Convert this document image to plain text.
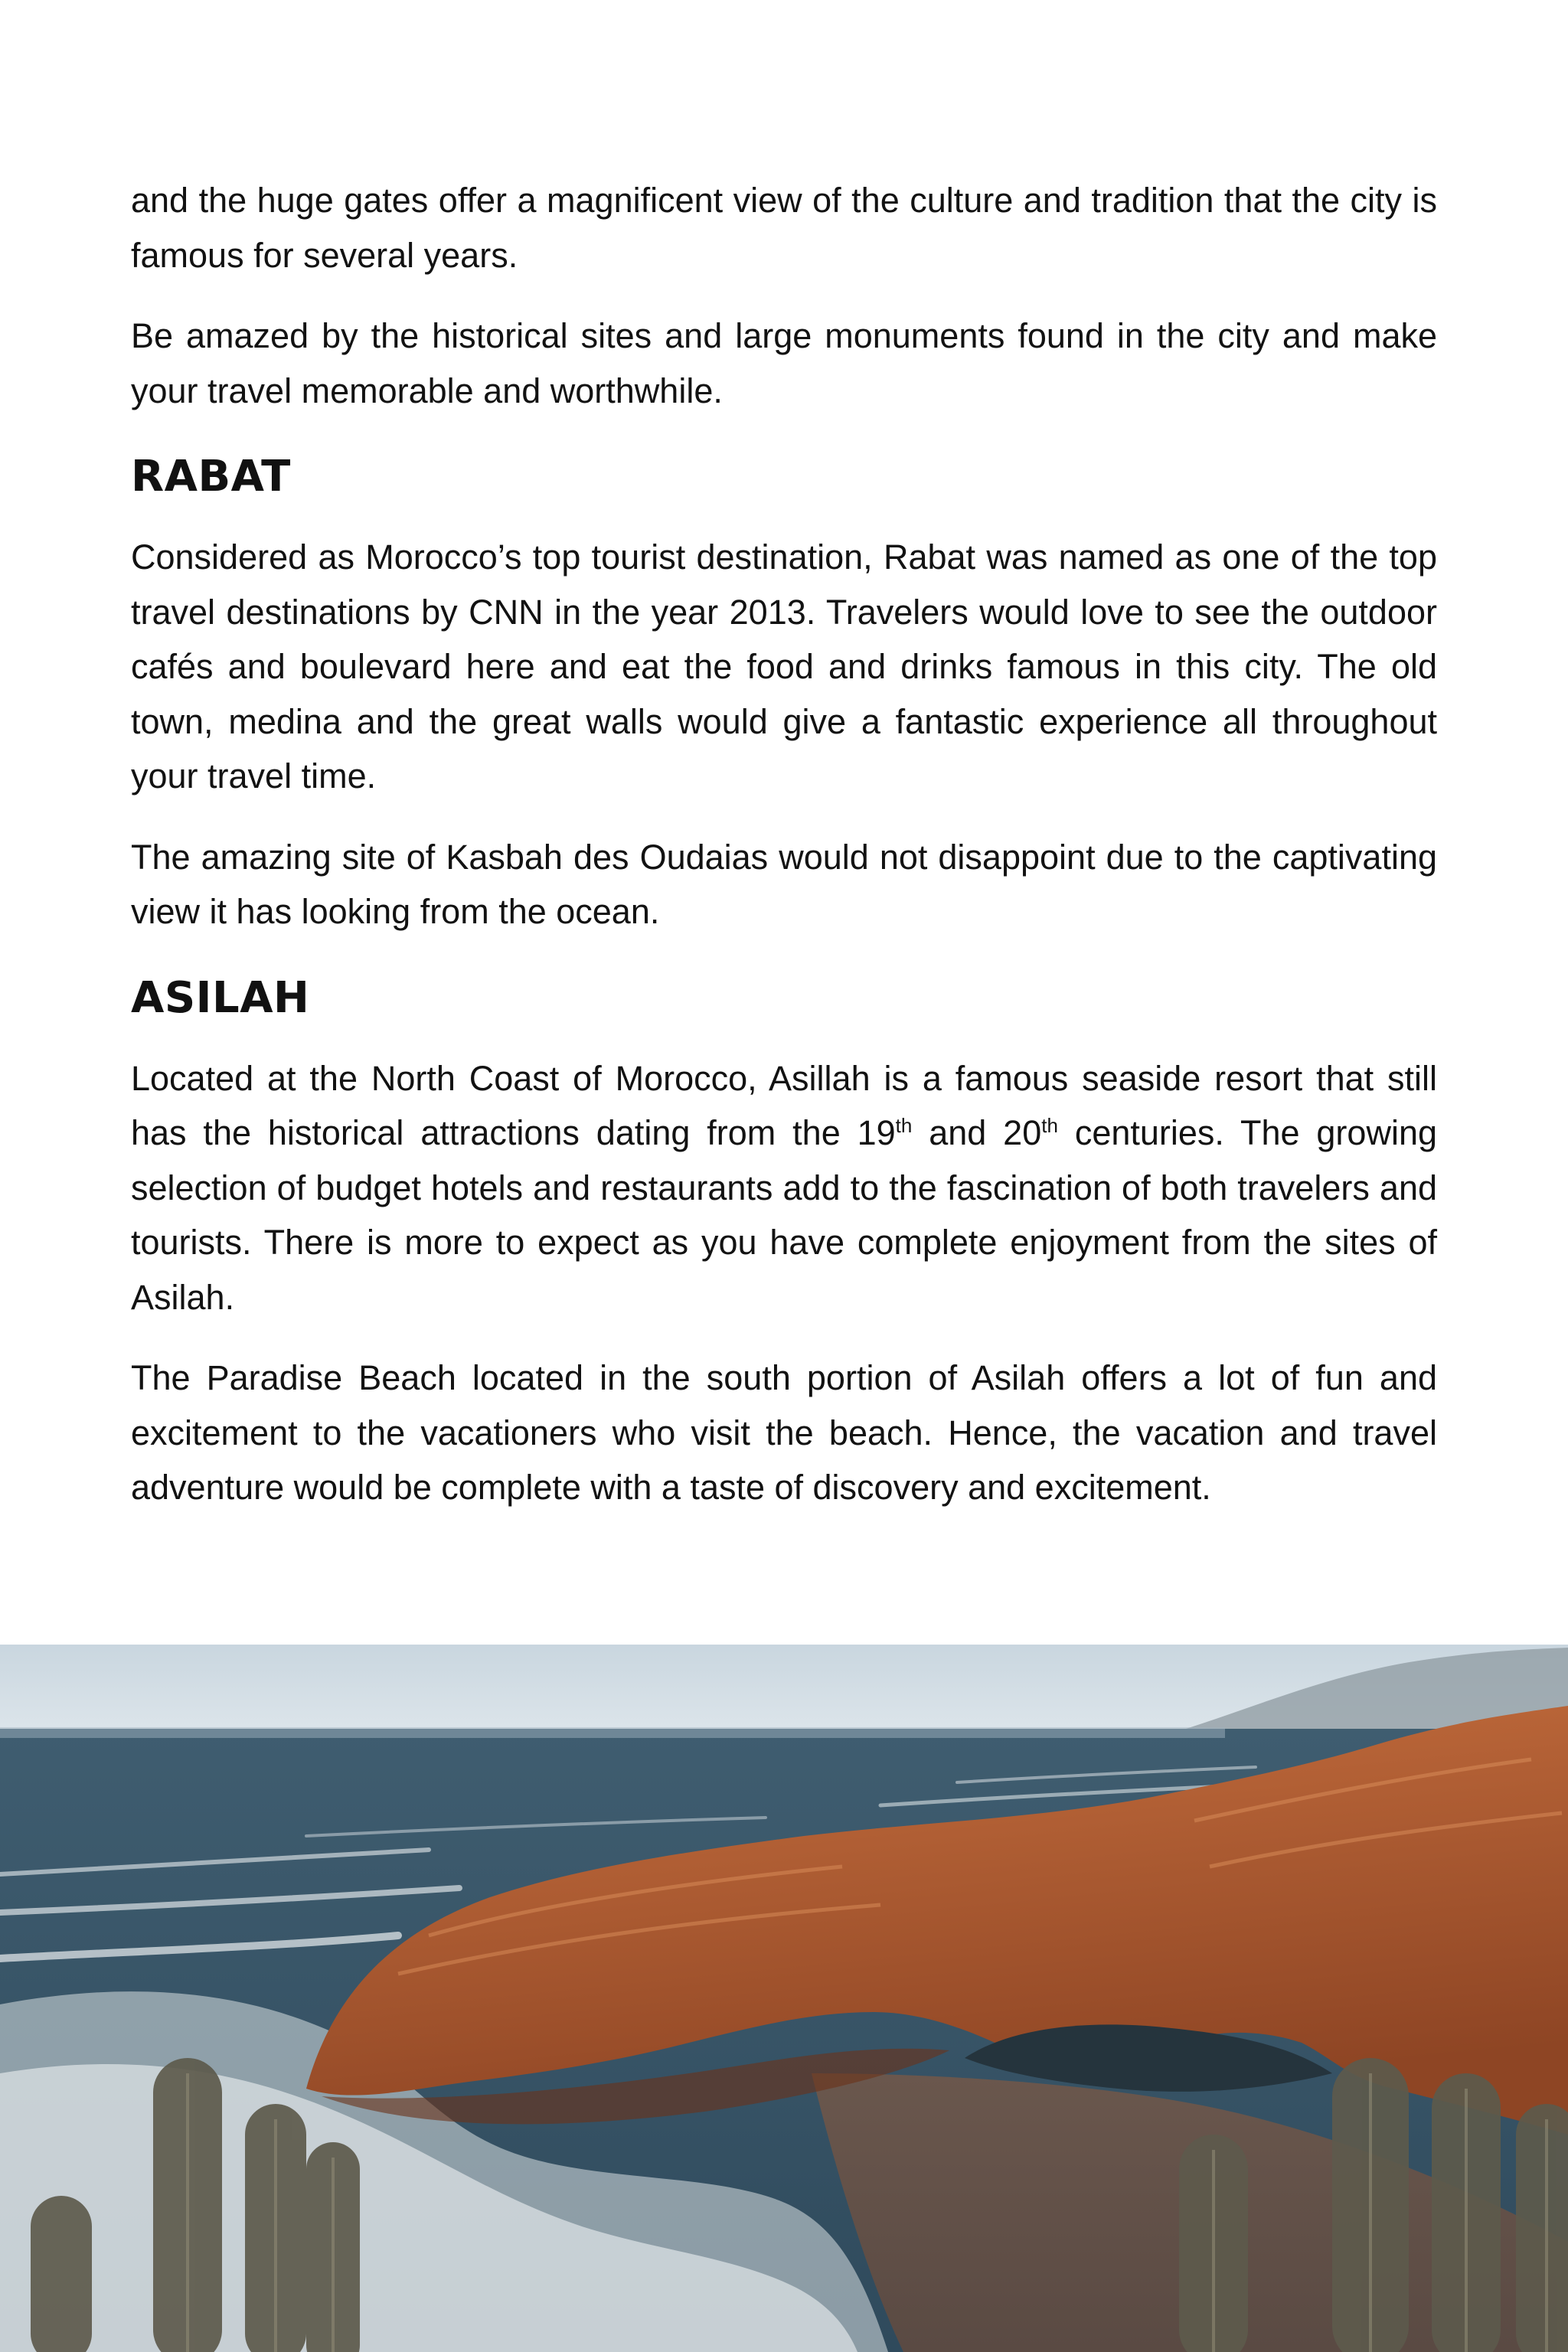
and the huge gates offer a magnificent view of the culture and tradition that the city is famous for several years.

Be amazed by the historical sites and large monuments found in the city and make your travel memorable and worthwhile.

RABAT

Considered as Morocco’s top tourist destination, Rabat was named as one of the top travel destinations by CNN in the year 2013. Travelers would love to see the outdoor cafés and boulevard here and eat the food and drinks famous in this city. The old town, medina and the great walls would give a fantastic experience all throughout your travel time.

The amazing site of Kasbah des Oudaias would not disappoint due to the captivating view it has looking from the ocean.

ASILAH

Located at the North Coast of Morocco, Asillah is a famous seaside resort that still has the historical attractions dating from the 19th and 20th centuries. The growing selection of budget hotels and restaurants add to the fascination of both travelers and tourists. There is more to expect as you have complete enjoyment from the sites of Asilah.

The Paradise Beach located in the south portion of Asilah offers a lot of fun and excitement to the vacationers who visit the beach. Hence, the vacation and travel adventure would be complete with a taste of discovery and excitement.
